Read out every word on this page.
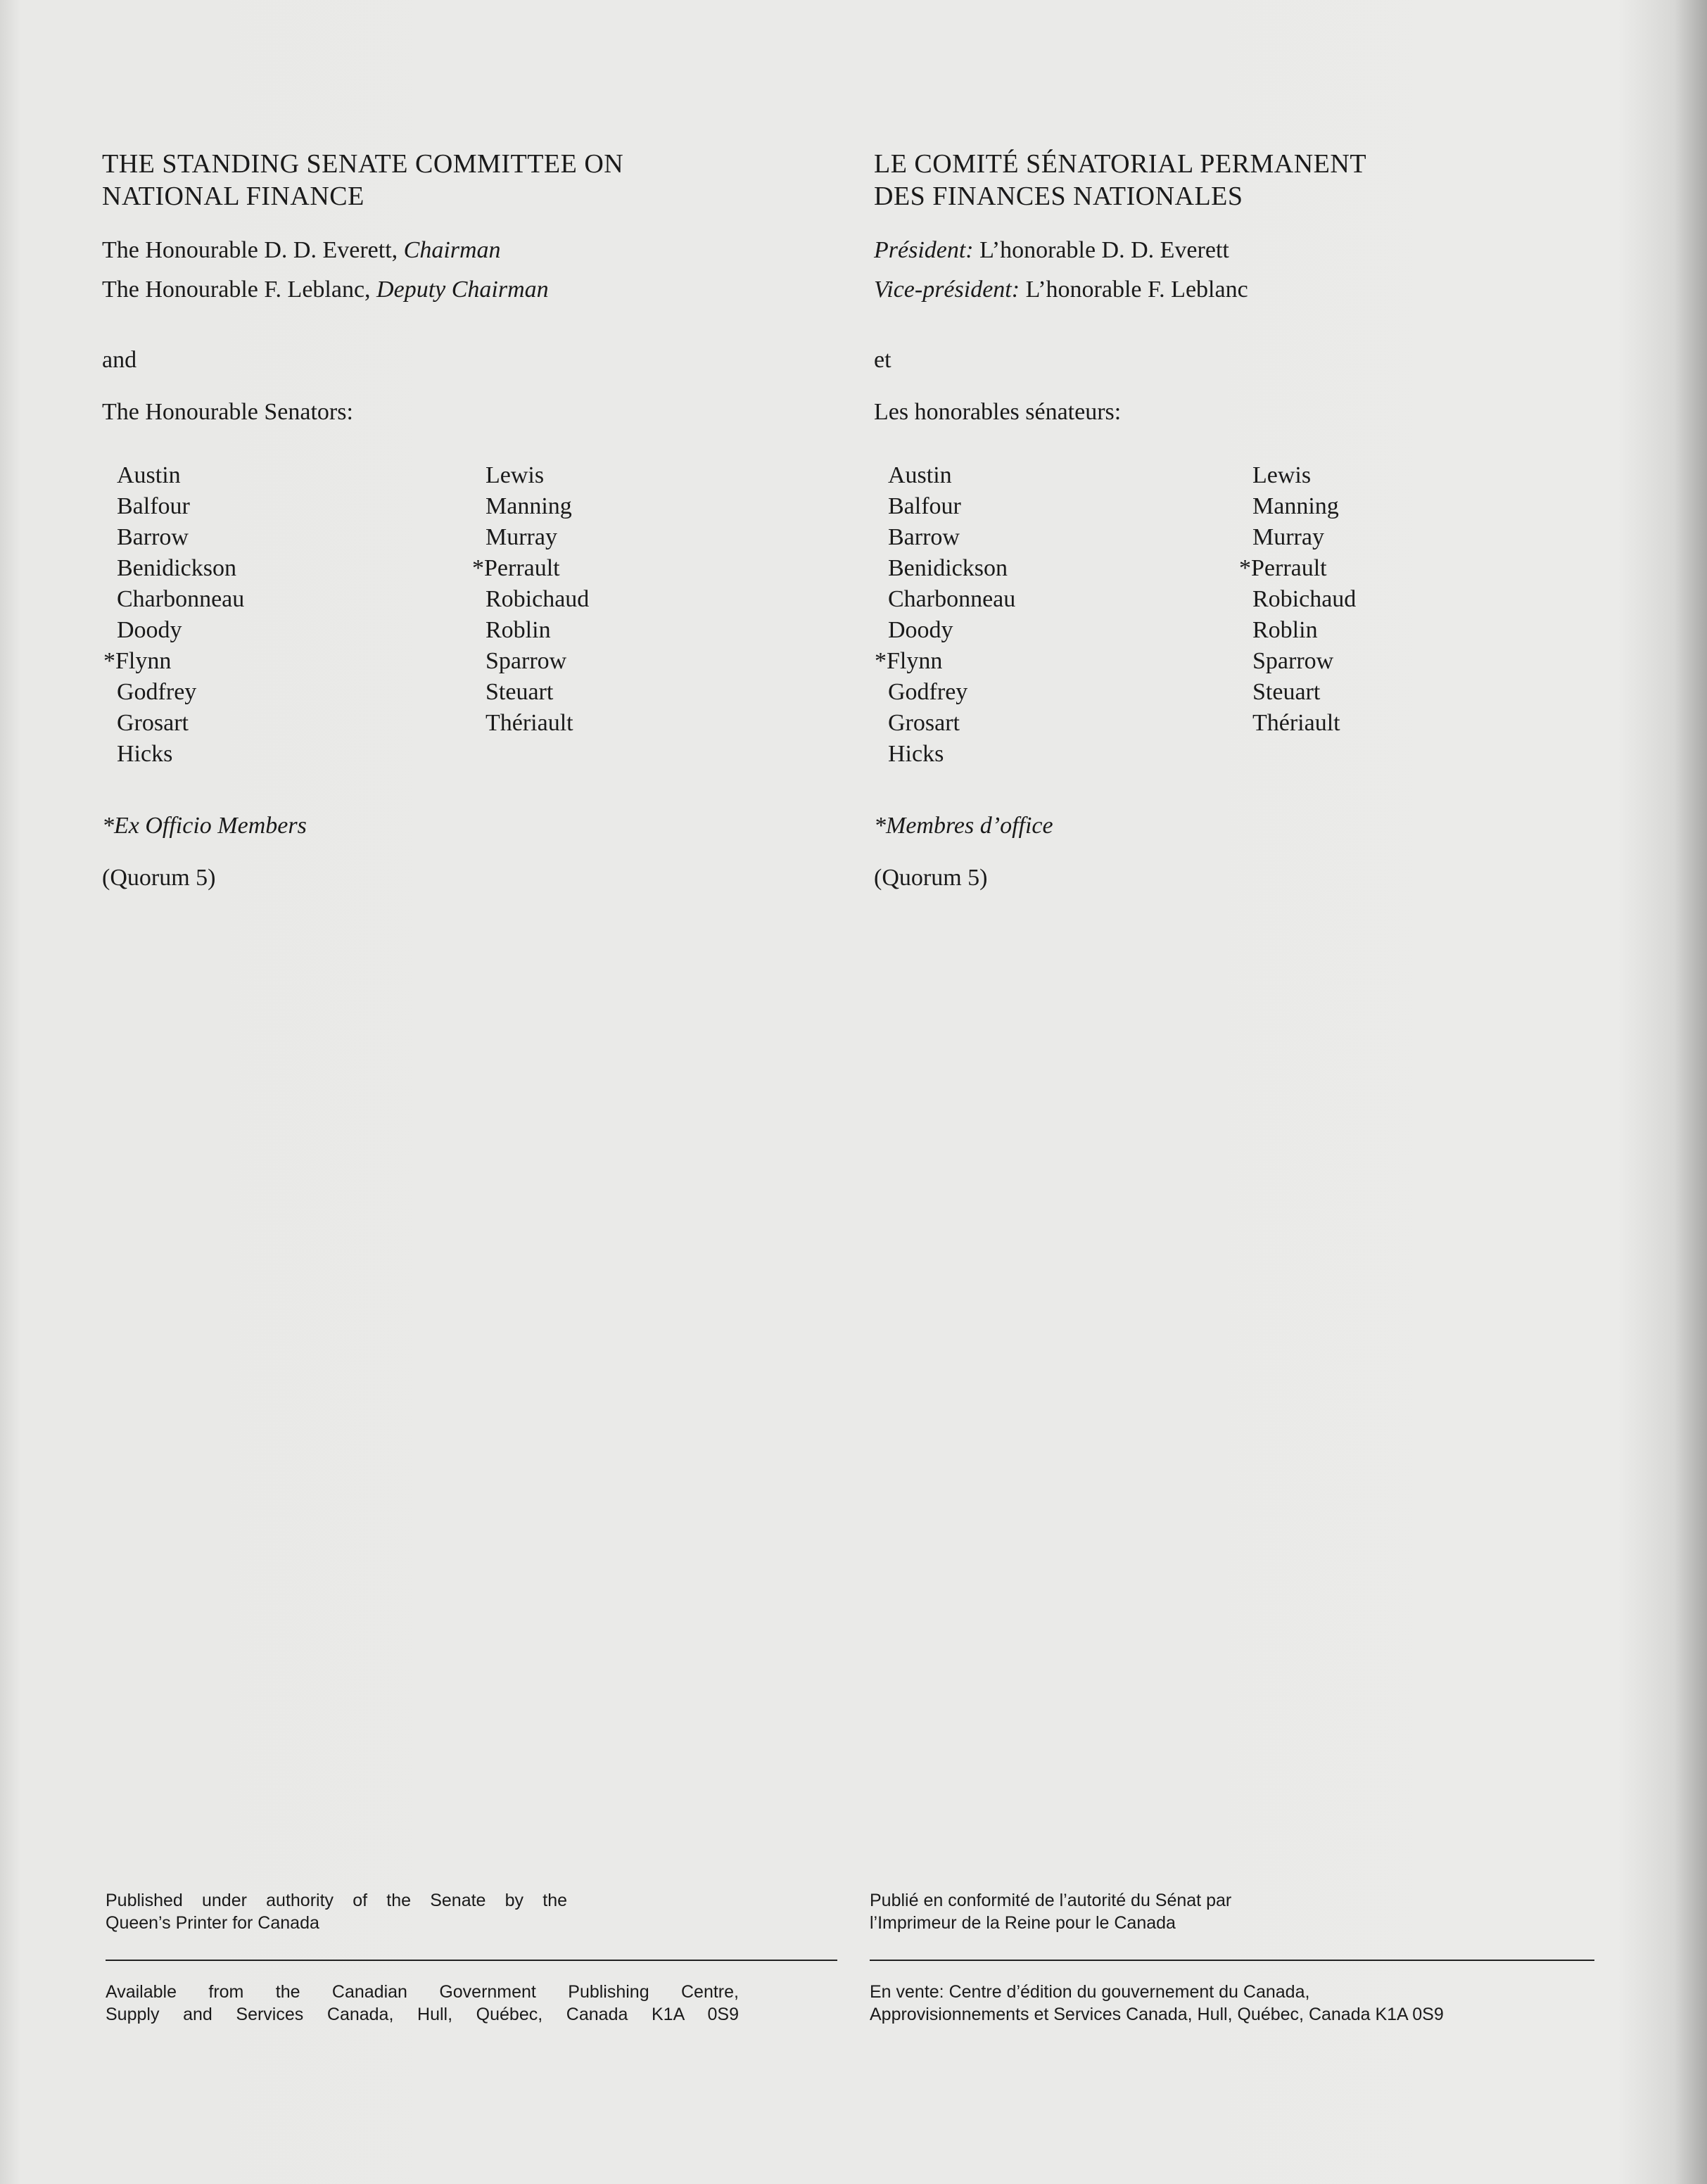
THE STANDING SENATE COMMITTEE ON
NATIONAL FINANCE

The Honourable D. D. Everett, Chairman

The Honourable F. Leblanc, Deputy Chairman

and

The Honourable Senators:

Austin
Balfour
Barrow
Benidickson
Charbonneau
Doody
*Flynn
Godfrey
Grosart
Hicks
Lewis
Manning
Murray
*Perrault
Robichaud
Roblin
Sparrow
Steuart
Thériault

*Ex Officio Members

(Quorum 5)

LE COMITÉ SÉNATORIAL PERMANENT
DES FINANCES NATIONALES

Président: L’honorable D. D. Everett

Vice-président: L’honorable F. Leblanc

et

Les honorables sénateurs:

Austin
Balfour
Barrow
Benidickson
Charbonneau
Doody
*Flynn
Godfrey
Grosart
Hicks
Lewis
Manning
Murray
*Perrault
Robichaud
Roblin
Sparrow
Steuart
Thériault

*Membres d’office

(Quorum 5)

Published under authority of the Senate by the

Queen’s Printer for Canada

Available from the Canadian Government Publishing Centre,

Supply and Services Canada, Hull, Québec, Canada K1A 0S9

Publié en conformité de l’autorité du Sénat par

l’Imprimeur de la Reine pour le Canada

En vente: Centre d’édition du gouvernement du Canada,

Approvisionnements et Services Canada, Hull, Québec, Canada K1A 0S9
